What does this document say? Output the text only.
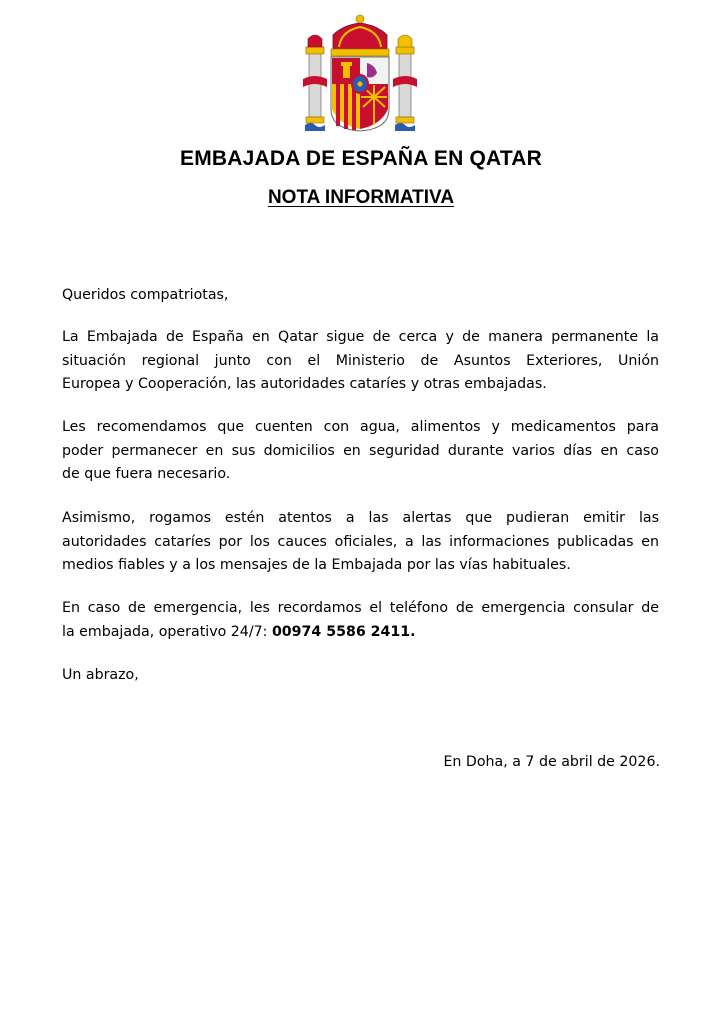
EMBAJADA DE ESPAÑA EN QATAR
NOTA INFORMATIVA
Queridos compatriotas,
La Embajada de España en Qatar sigue de cerca y de manera permanente la
situación regional junto con el Ministerio de Asuntos Exteriores, Unión
Europea y Cooperación, las autoridades cataríes y otras embajadas.
Les recomendamos que cuenten con agua, alimentos y medicamentos para
poder permanecer en sus domicilios en seguridad durante varios días en caso
de que fuera necesario.
Asimismo, rogamos estén atentos a las alertas que pudieran emitir las
autoridades cataríes por los cauces oficiales, a las informaciones publicadas en
medios fiables y a los mensajes de la Embajada por las vías habituales.
En caso de emergencia, les recordamos el teléfono de emergencia consular de
la embajada, operativo 24/7: 00974 5586 2411.
Un abrazo,
En Doha, a 7 de abril de 2026.
